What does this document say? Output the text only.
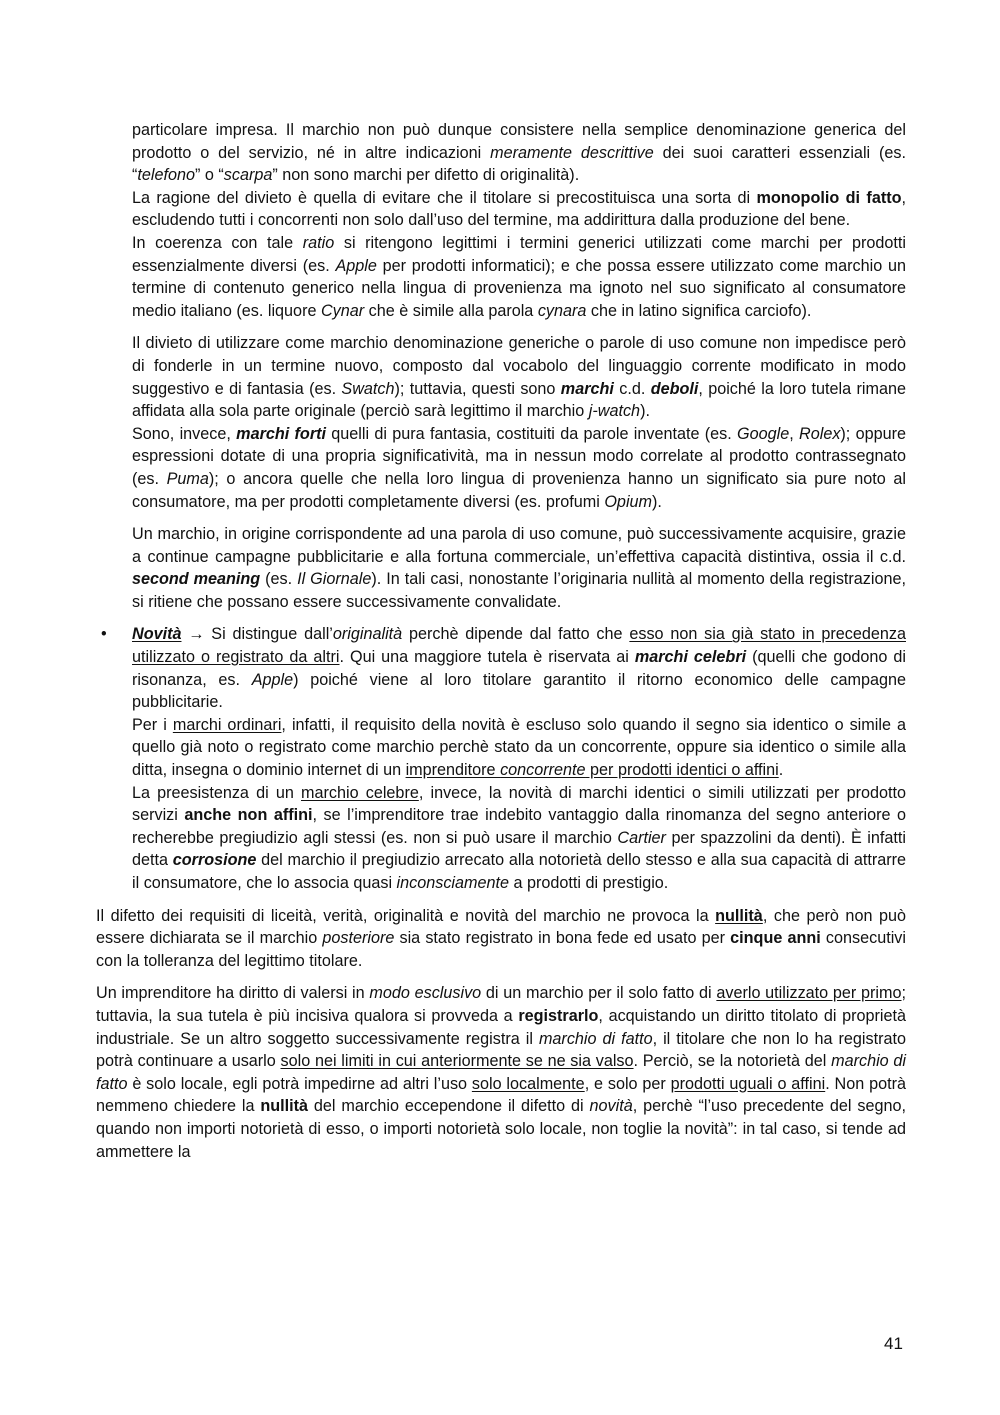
particolare impresa. Il marchio non può dunque consistere nella semplice denominazione generica del prodotto o del servizio, né in altre indicazioni meramente descrittive dei suoi caratteri essenziali (es. “telefono” o “scarpa” non sono marchi per difetto di originalità).

La ragione del divieto è quella di evitare che il titolare si precostituisca una sorta di monopolio di fatto, escludendo tutti i concorrenti non solo dall’uso del termine, ma addirittura dalla produzione del bene.

In coerenza con tale ratio si ritengono legittimi i termini generici utilizzati come marchi per prodotti essenzialmente diversi (es. Apple per prodotti informatici); e che possa essere utilizzato come marchio un termine di contenuto generico nella lingua di provenienza ma ignoto nel suo significato al consumatore medio italiano (es. liquore Cynar che è simile alla parola cynara che in latino significa carciofo).

Il divieto di utilizzare come marchio denominazione generiche o parole di uso comune non impedisce però di fonderle in un termine nuovo, composto dal vocabolo del linguaggio corrente modificato in modo suggestivo e di fantasia (es. Swatch); tuttavia, questi sono marchi c.d. deboli, poiché la loro tutela rimane affidata alla sola parte originale (perciò sarà legittimo il marchio j-watch).

Sono, invece, marchi forti quelli di pura fantasia, costituiti da parole inventate (es. Google, Rolex); oppure espressioni dotate di una propria significatività, ma in nessun modo correlate al prodotto contrassegnato (es. Puma); o ancora quelle che nella loro lingua di provenienza hanno un significato sia pure noto al consumatore, ma per prodotti completamente diversi (es. profumi Opium).

Un marchio, in origine corrispondente ad una parola di uso comune, può successivamente acquisire, grazie a continue campagne pubblicitarie e alla fortuna commerciale, un’effettiva capacità distintiva, ossia il c.d. second meaning (es. Il Giornale). In tali casi, nonostante l’originaria nullità al momento della registrazione, si ritiene che possano essere successivamente convalidate.

• Novità → Si distingue dall’originalità perchè dipende dal fatto che esso non sia già stato in precedenza utilizzato o registrato da altri. Qui una maggiore tutela è riservata ai marchi celebri (quelli che godono di risonanza, es. Apple) poiché viene al loro titolare garantito il ritorno economico delle campagne pubblicitarie.

Per i marchi ordinari, infatti, il requisito della novità è escluso solo quando il segno sia identico o simile a quello già noto o registrato come marchio perchè stato da un concorrente, oppure sia identico o simile alla ditta, insegna o dominio internet di un imprenditore concorrente per prodotti identici o affini.

La preesistenza di un marchio celebre, invece, la novità di marchi identici o simili utilizzati per prodotto servizi anche non affini, se l’imprenditore trae indebito vantaggio dalla rinomanza del segno anteriore o recherebbe pregiudizio agli stessi (es. non si può usare il marchio Cartier per spazzolini da denti). È infatti detta corrosione del marchio il pregiudizio arrecato alla notorietà dello stesso e alla sua capacità di attrarre il consumatore, che lo associa quasi inconsciamente a prodotti di prestigio.

Il difetto dei requisiti di liceità, verità, originalità e novità del marchio ne provoca la nullità, che però non può essere dichiarata se il marchio posteriore sia stato registrato in bona fede ed usato per cinque anni consecutivi con la tolleranza del legittimo titolare.

Un imprenditore ha diritto di valersi in modo esclusivo di un marchio per il solo fatto di averlo utilizzato per primo; tuttavia, la sua tutela è più incisiva qualora si provveda a registrarlo, acquistando un diritto titolato di proprietà industriale. Se un altro soggetto successivamente registra il marchio di fatto, il titolare che non lo ha registrato potrà continuare a usarlo solo nei limiti in cui anteriormente se ne sia valso. Perciò, se la notorietà del marchio di fatto è solo locale, egli potrà impedirne ad altri l’uso solo localmente, e solo per prodotti uguali o affini. Non potrà nemmeno chiedere la nullità del marchio eccependone il difetto di novità, perchè “l’uso precedente del segno, quando non importi notorietà di esso, o importi notorietà solo locale, non toglie la novità”: in tal caso, si tende ad ammettere la

41
